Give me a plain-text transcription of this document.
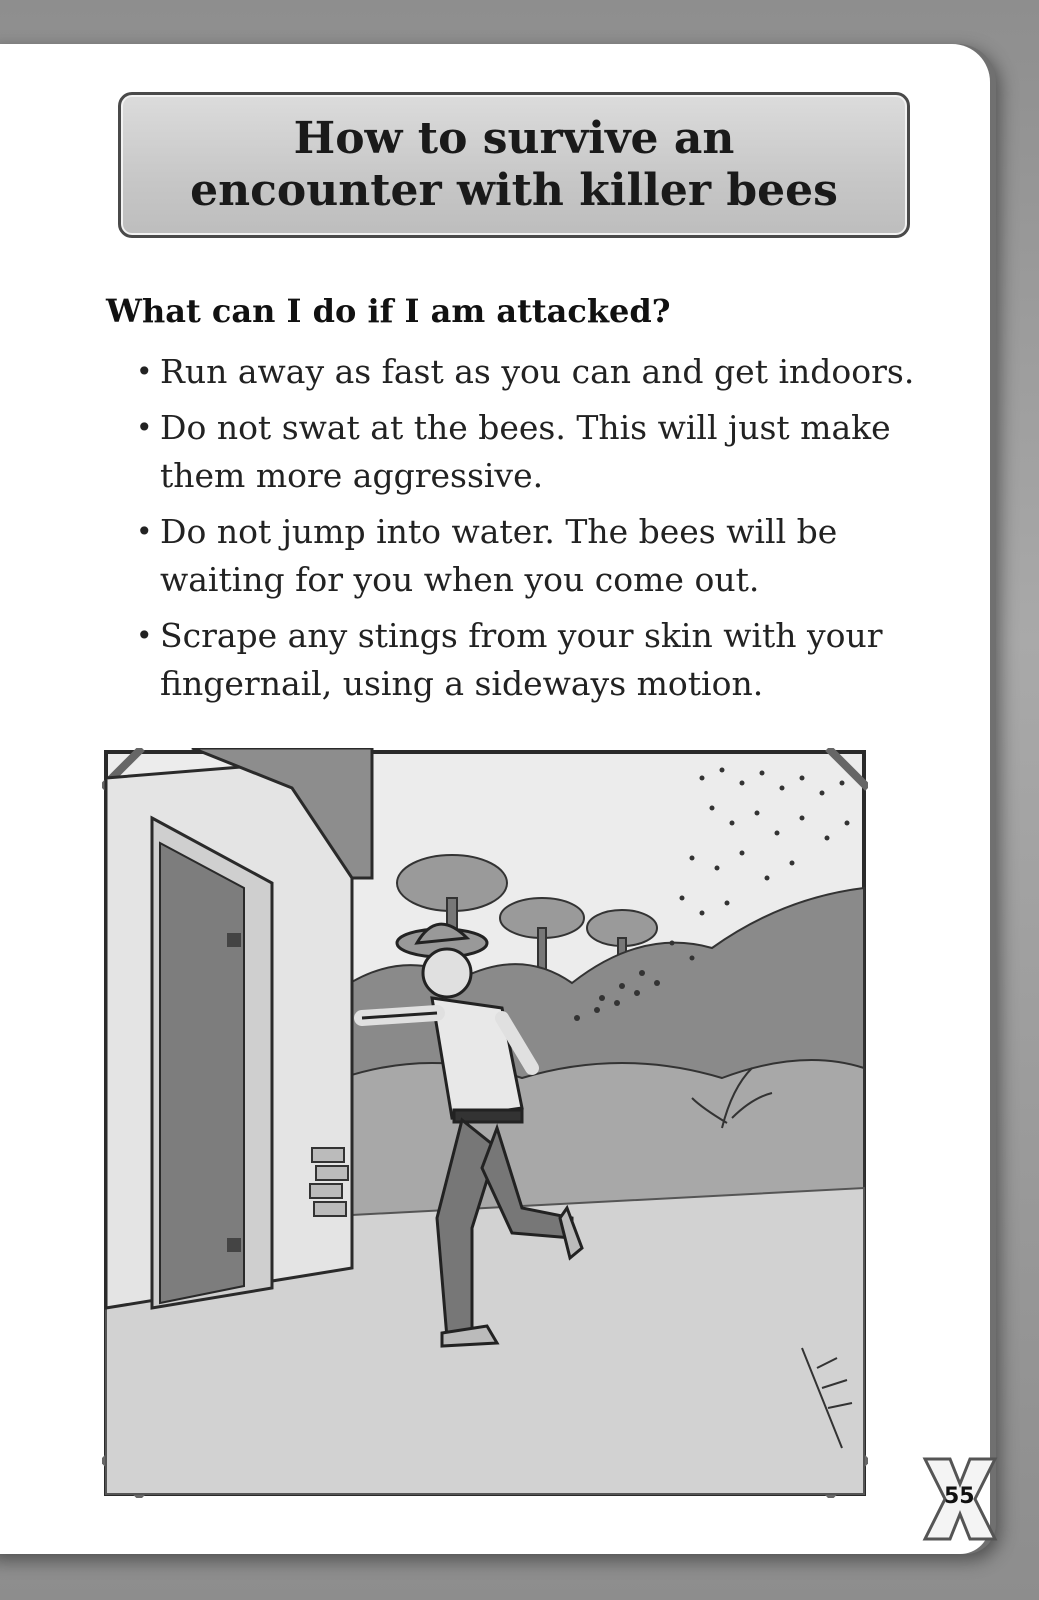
How to survive an
encounter with killer bees
What can I do if I am attacked?
• Run away as fast as you can and get indoors.
• Do not swat at the bees. This will just make
them more aggressive.
• Do not jump into water. The bees will be
waiting for you when you come out.
• Scrape any stings from your skin with your
fingernail, using a sideways motion.
55
